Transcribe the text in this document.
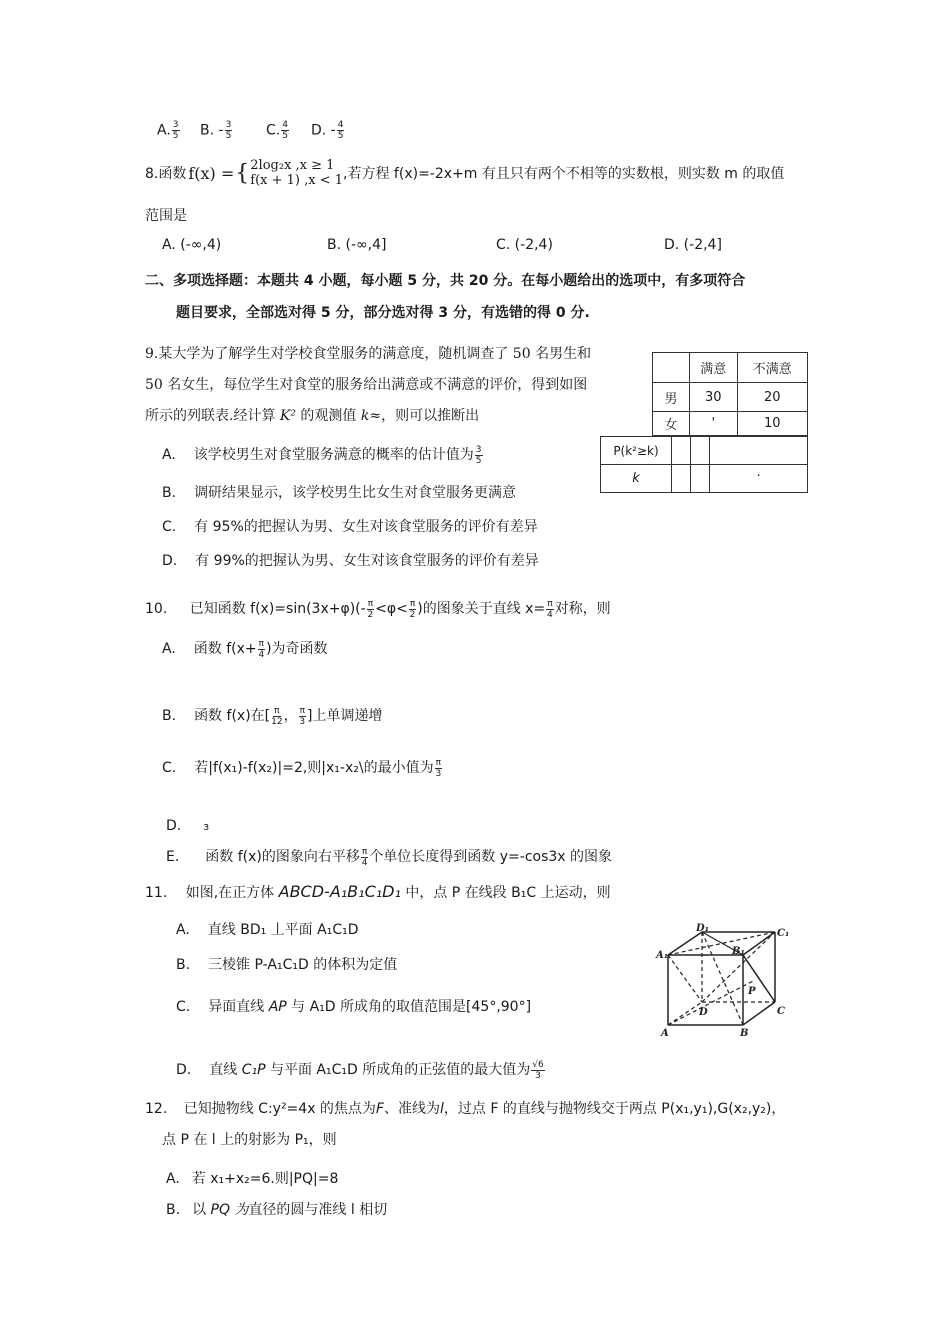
A. $\frac{3}{5} B$. - $\frac{3}{5} C$. $\frac{4}{5} D$. - $\frac{4}{5}$
8.函数 f(x) = { 2log₂x ,x ≥ 1
f(x + 1) ,x < 1 ,若方程 f(x)=-2x+m 有且只有两个不相等的实数根，则实数 m 的取值
范围是
A. (-∞,4)	B. (-∞,4]	C. (-2,4)	D. (-2,4]
二、多项选择题：本题共 4 小题，每小题 5 分，共 20 分。在每小题给出的选项中，有多项符合
题目要求，全部选对得 5 分，部分选对得 3 分，有选错的得 0 分.
9.某大学为了解学生对学校食堂服务的满意度，随机调查了 50 名男生和
50 名女生，每位学生对食堂的服务给出满意或不满意的评价，得到如图
所示的列联表.经计算 K² 的观测值 k≈，则可以推断出
	满意	不满意
男	30	20
女	'	10
P(k²≥k)			
k			.
A. 该学校男生对食堂服务满意的概率的估计值为 $\frac{3}{5}$
B. 调研结果显示，该学校男生比女生对食堂服务更满意
C. 有 95%的把握认为男、女生对该食堂服务的评价有差异
D. 有 99%的把握认为男、女生对该食堂服务的评价有差异
10. 已知函数 $f(x)=\sin(3x+\varphi)(- \frac{\pi}{2} <\varphi< \frac{\pi}{2}$ )的图象关于直线 $x= \frac{\pi}{4}$ 对称，则
A. 函数 $f(x+ \frac{\pi}{4}$ )为奇函数
B. 函数 f(x)在[ $\frac{\pi}{12}$ ， $\frac{\pi}{3}$ ]上单调递增
C. 若|f(x₁)-f(x₂)|=2,则|x₁-x₂\的最小值为 $\frac{\pi}{3}$
D. ɜ
E. 函数 f(x)的图象向右平移 $\frac{\pi}{4}$ 个单位长度得到函数 y=-cos3x 的图象
11. 如图,在正方体 ABCD-A₁B₁C₁D₁ 中，点 P 在线段 B₁C 上运动，则
A. 直线 BD₁ 丄平面 A₁C₁D
B. 三棱锥 P-A₁C₁D 的体积为定值
C. 异面直线 AP 与 A₁D 所成角的取值范围是[45°,90°]
D. 直线 C₁P 与平面 A₁C₁D 所成角的正弦值的最大值为 $\frac{√6}{3}$
D₁	C₁
A₁	B₁
P
D	C
A	B
12. 已知抛物线 C:y²=4x 的焦点为F、准线为l，过点 F 的直线与抛物线交于两点 P(x₁,y₁),G(x₂,y₂)，
点 P 在 l 上的射影为 P₁，则
A. 若 x₁+x₂=6.则|PQ|=8
B. 以 PQ 为直径的圆与准线 l 相切
